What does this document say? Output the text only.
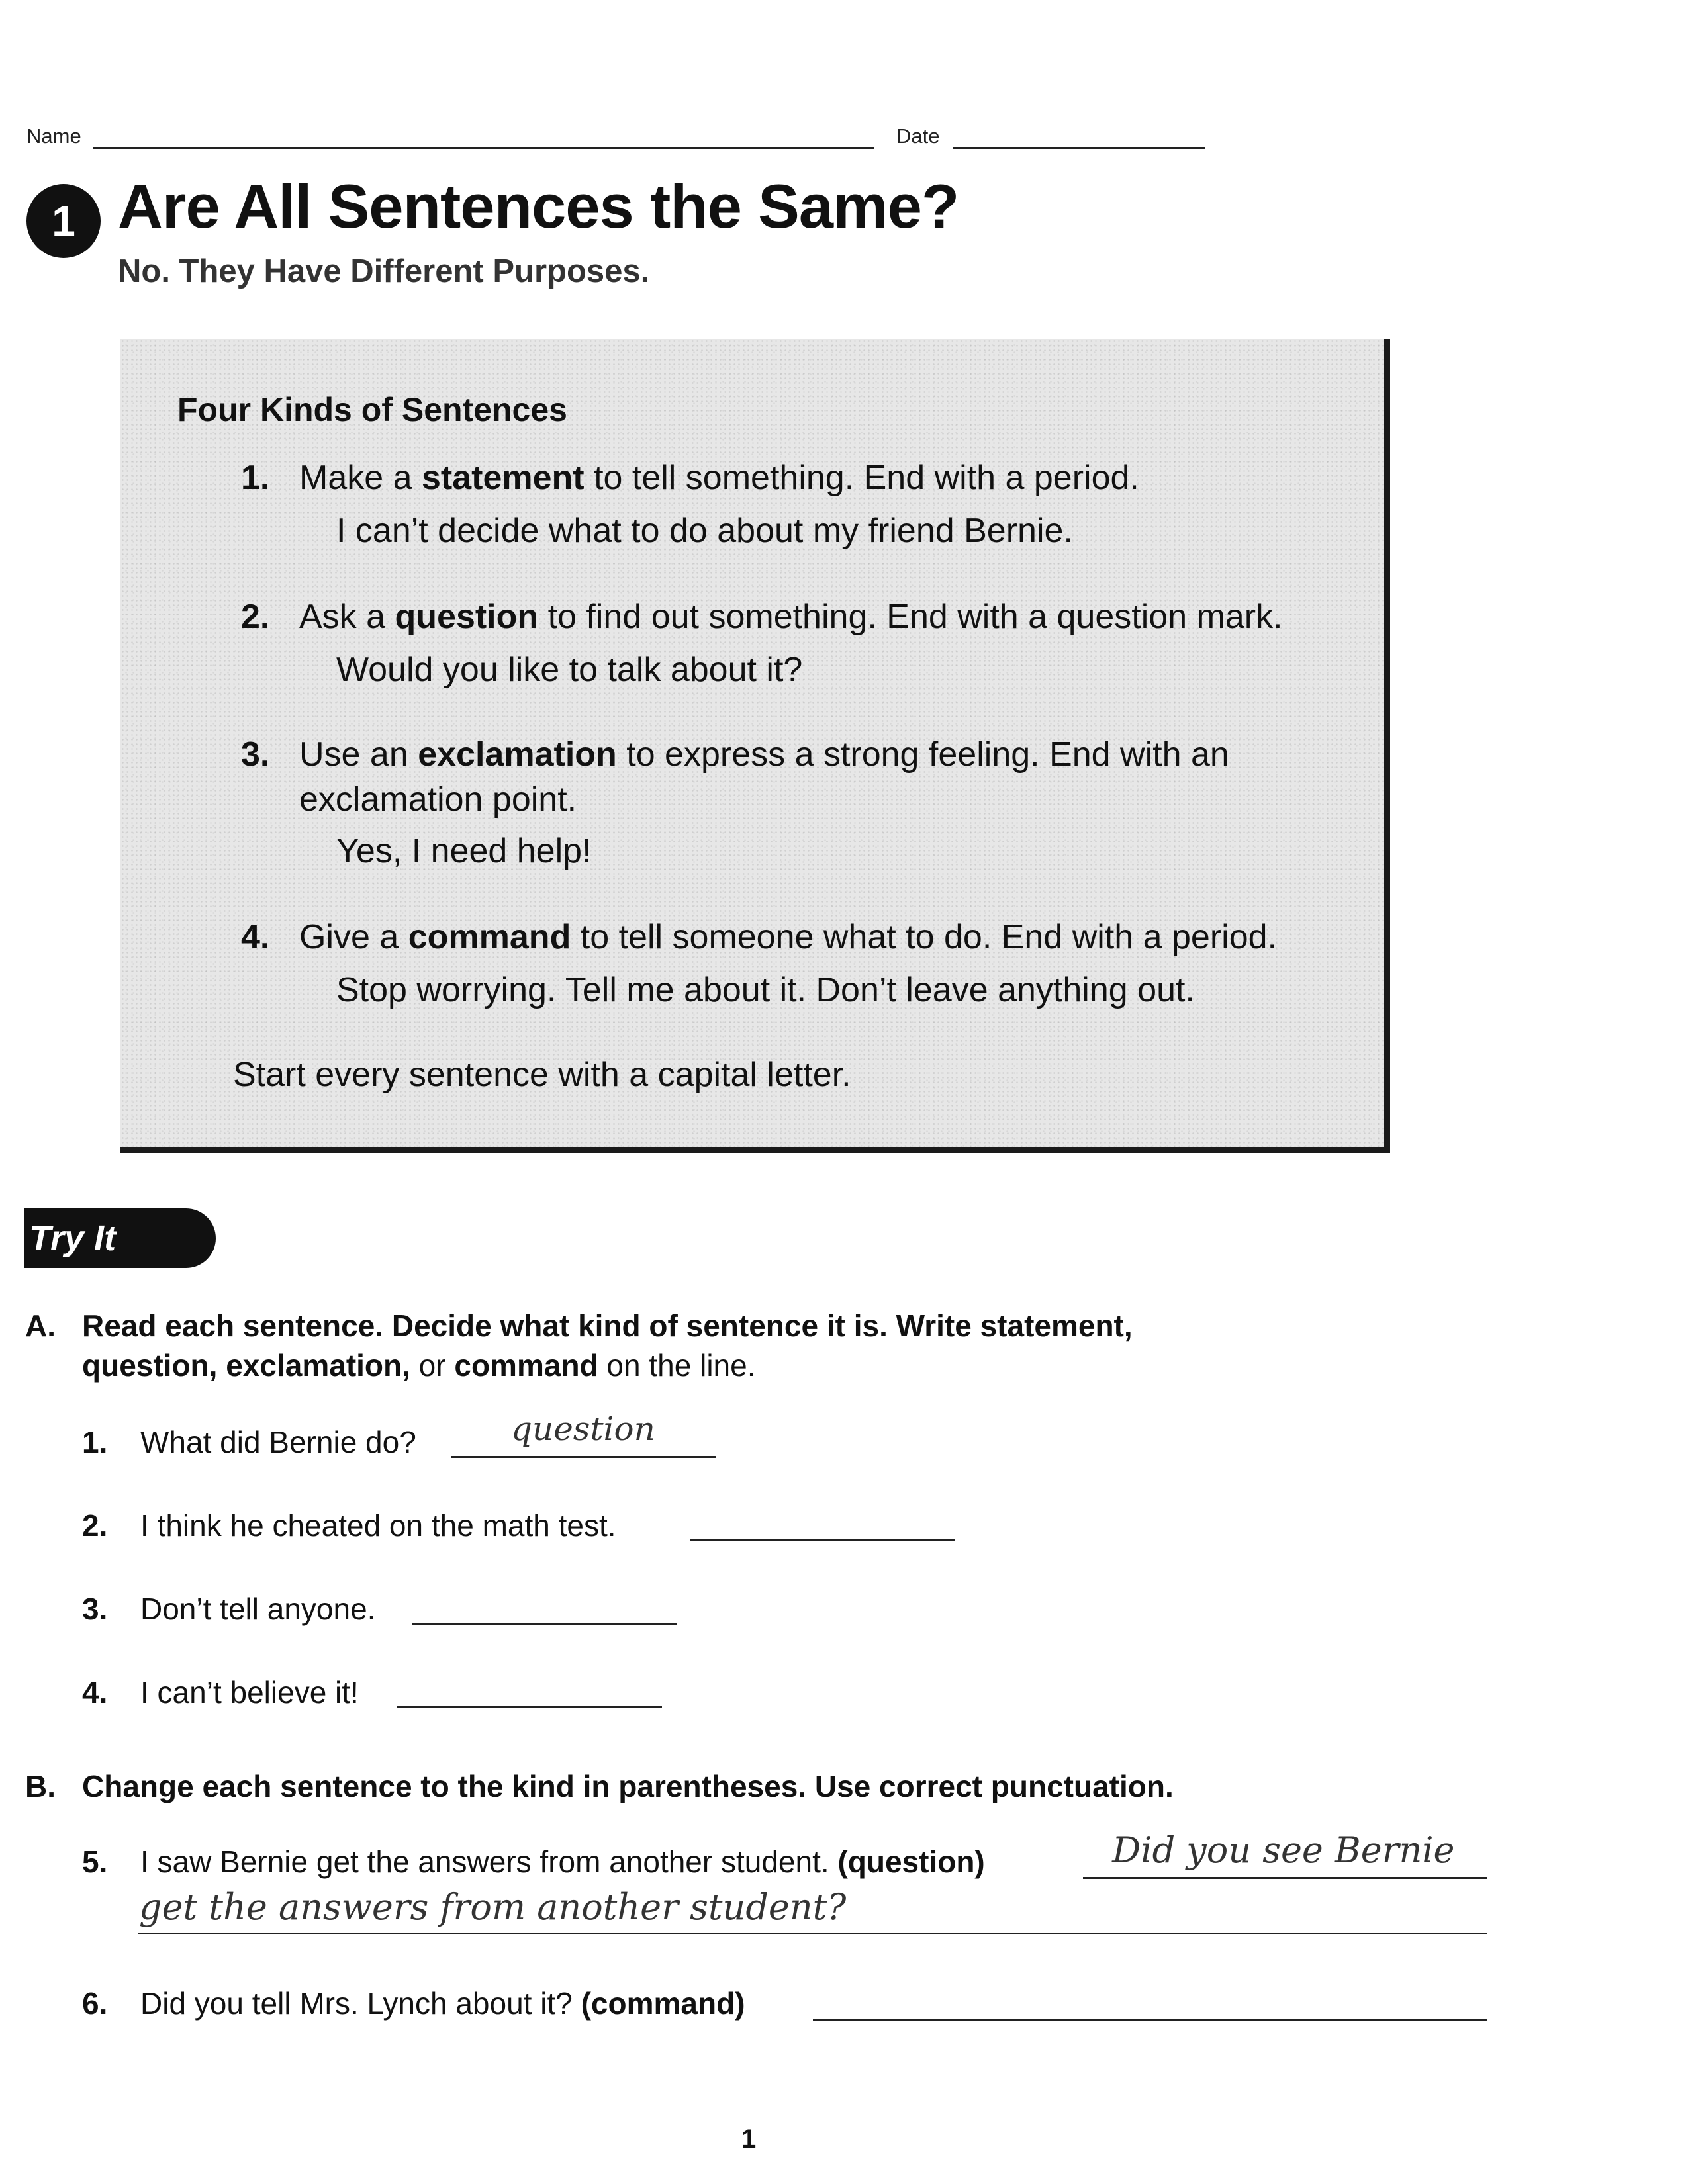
Name	Date
1 Are All Sentences the Same?
No. They Have Different Purposes.
Four Kinds of Sentences
1. Make a statement to tell something. End with a period.
I can’t decide what to do about my friend Bernie.
2. Ask a question to find out something. End with a question mark.
Would you like to talk about it?
3. Use an exclamation to express a strong feeling. End with an
exclamation point.
Yes, I need help!
4. Give a command to tell someone what to do. End with a period.
Stop worrying. Tell me about it. Don’t leave anything out.
Start every sentence with a capital letter.
Try It
A. Read each sentence. Decide what kind of sentence it is. Write statement,
question, exclamation, or command on the line.
1. What did Bernie do?	question
2. I think he cheated on the math test.
3. Don’t tell anyone.
4. I can’t believe it!
B. Change each sentence to the kind in parentheses. Use correct punctuation.
5. I saw Bernie get the answers from another student. (question)	Did you see Bernie
get the answers from another student?
6. Did you tell Mrs. Lynch about it? (command)
1
